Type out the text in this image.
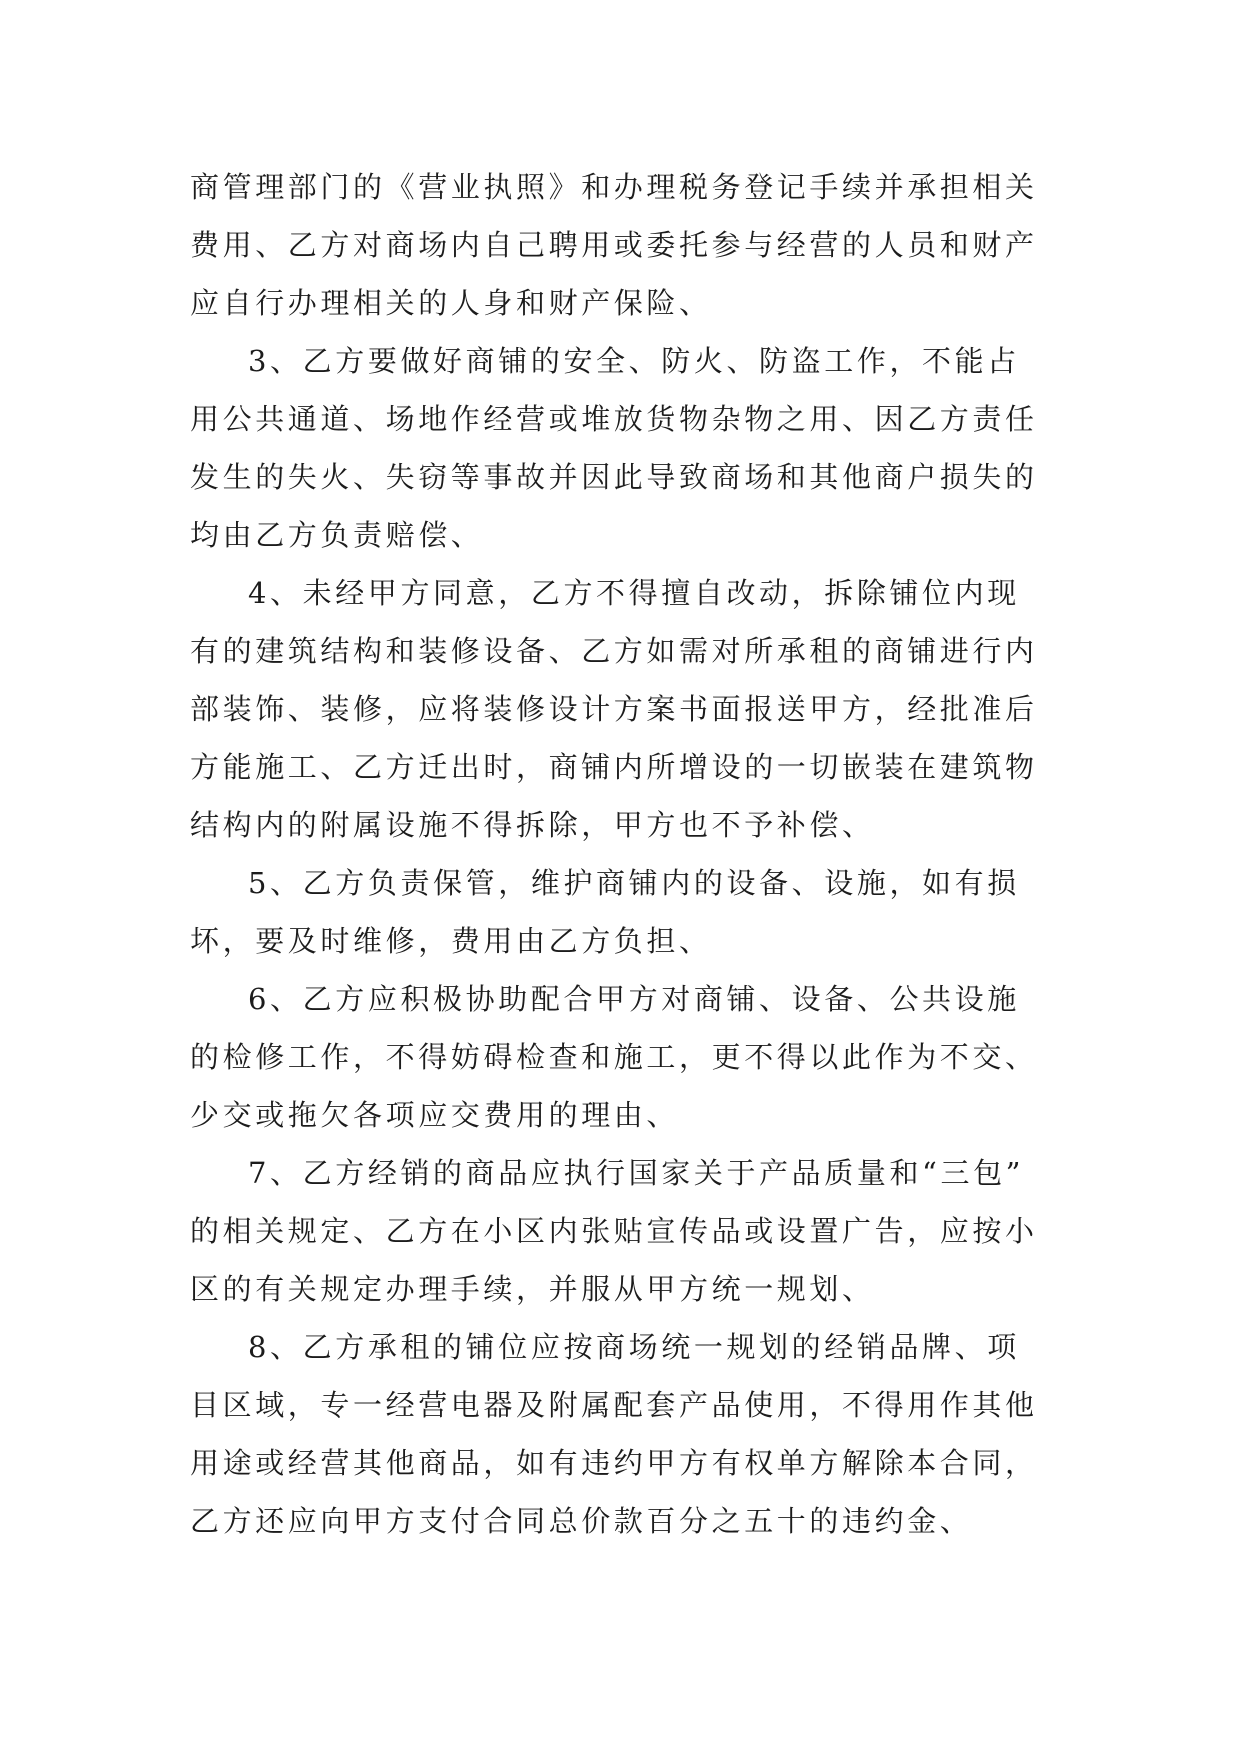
商管理部门的《营业执照》和办理税务登记手续并承担相关
费用、乙方对商场内自己聘用或委托参与经营的人员和财产
应自行办理相关的人身和财产保险、
3、乙方要做好商铺的安全、防火、防盗工作，不能占
用公共通道、场地作经营或堆放货物杂物之用、因乙方责任
发生的失火、失窃等事故并因此导致商场和其他商户损失的
均由乙方负责赔偿、
4、未经甲方同意，乙方不得擅自改动，拆除铺位内现
有的建筑结构和装修设备、乙方如需对所承租的商铺进行内
部装饰、装修，应将装修设计方案书面报送甲方，经批准后
方能施工、乙方迁出时，商铺内所增设的一切嵌装在建筑物
结构内的附属设施不得拆除，甲方也不予补偿、
5、乙方负责保管，维护商铺内的设备、设施，如有损
坏，要及时维修，费用由乙方负担、
6、乙方应积极协助配合甲方对商铺、设备、公共设施
的检修工作，不得妨碍检查和施工，更不得以此作为不交、
少交或拖欠各项应交费用的理由、
7、乙方经销的商品应执行国家关于产品质量和“三包”
的相关规定、乙方在小区内张贴宣传品或设置广告，应按小
区的有关规定办理手续，并服从甲方统一规划、
8、乙方承租的铺位应按商场统一规划的经销品牌、项
目区域，专一经营电器及附属配套产品使用，不得用作其他
用途或经营其他商品，如有违约甲方有权单方解除本合同，
乙方还应向甲方支付合同总价款百分之五十的违约金、
